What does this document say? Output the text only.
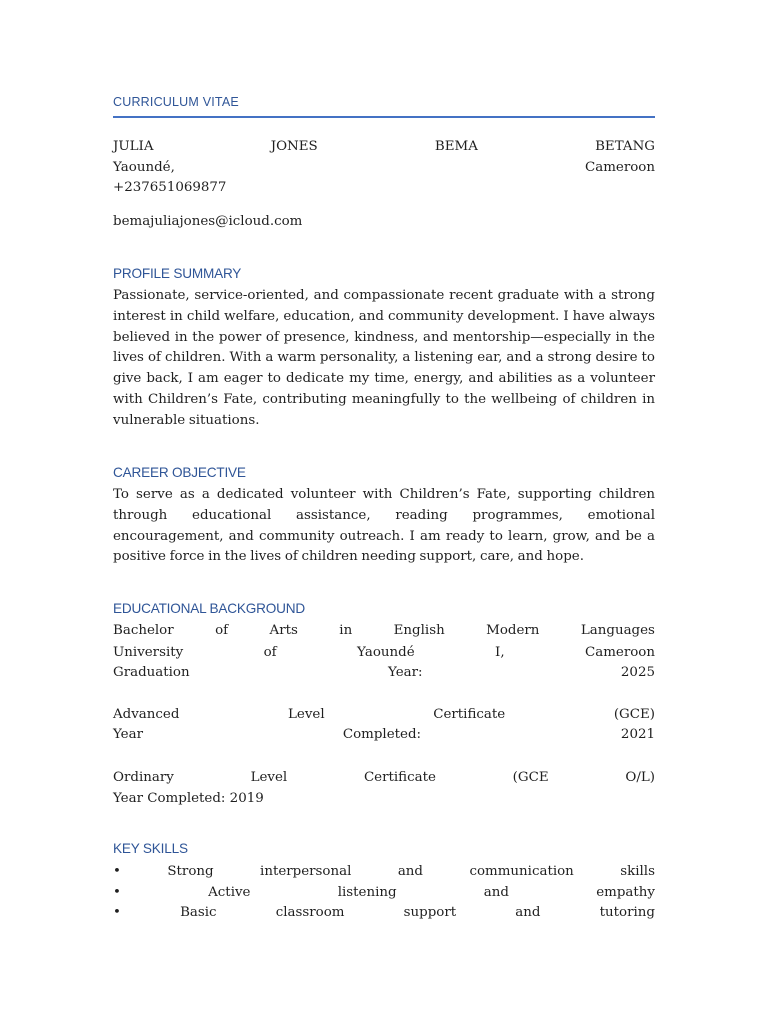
CURRICULUM VITAE
JULIA	JONES	BEMA	BETANG
Yaoundé,	Cameroon
+237651069877
bemajuliajones@icloud.com
PROFILE SUMMARY
Passionate, service-oriented, and compassionate recent graduate with a strong interest in child welfare, education, and community development. I have always believed in the power of presence, kindness, and mentorship—especially in the lives of children. With a warm personality, a listening ear, and a strong desire to give back, I am eager to dedicate my time, energy, and abilities as a volunteer with Children’s Fate, contributing meaningfully to the wellbeing of children in vulnerable situations.
CAREER OBJECTIVE
To serve as a dedicated volunteer with Children’s Fate, supporting children through educational assistance, reading programmes, emotional encouragement, and community outreach. I am ready to learn, grow, and be a positive force in the lives of children needing support, care, and hope.
EDUCATIONAL BACKGROUND
Bachelor	of	Arts	in	English	Modern	Languages
University	of	Yaoundé	I,	Cameroon
Graduation	Year:	2025
Advanced	Level	Certificate	(GCE)
Year	Completed:	2021
Ordinary	Level	Certificate	(GCE	O/L)
Year Completed: 2019
KEY SKILLS
•	Strong	interpersonal	and	communication	skills
•	Active	listening	and	empathy
•	Basic	classroom	support	and	tutoring
